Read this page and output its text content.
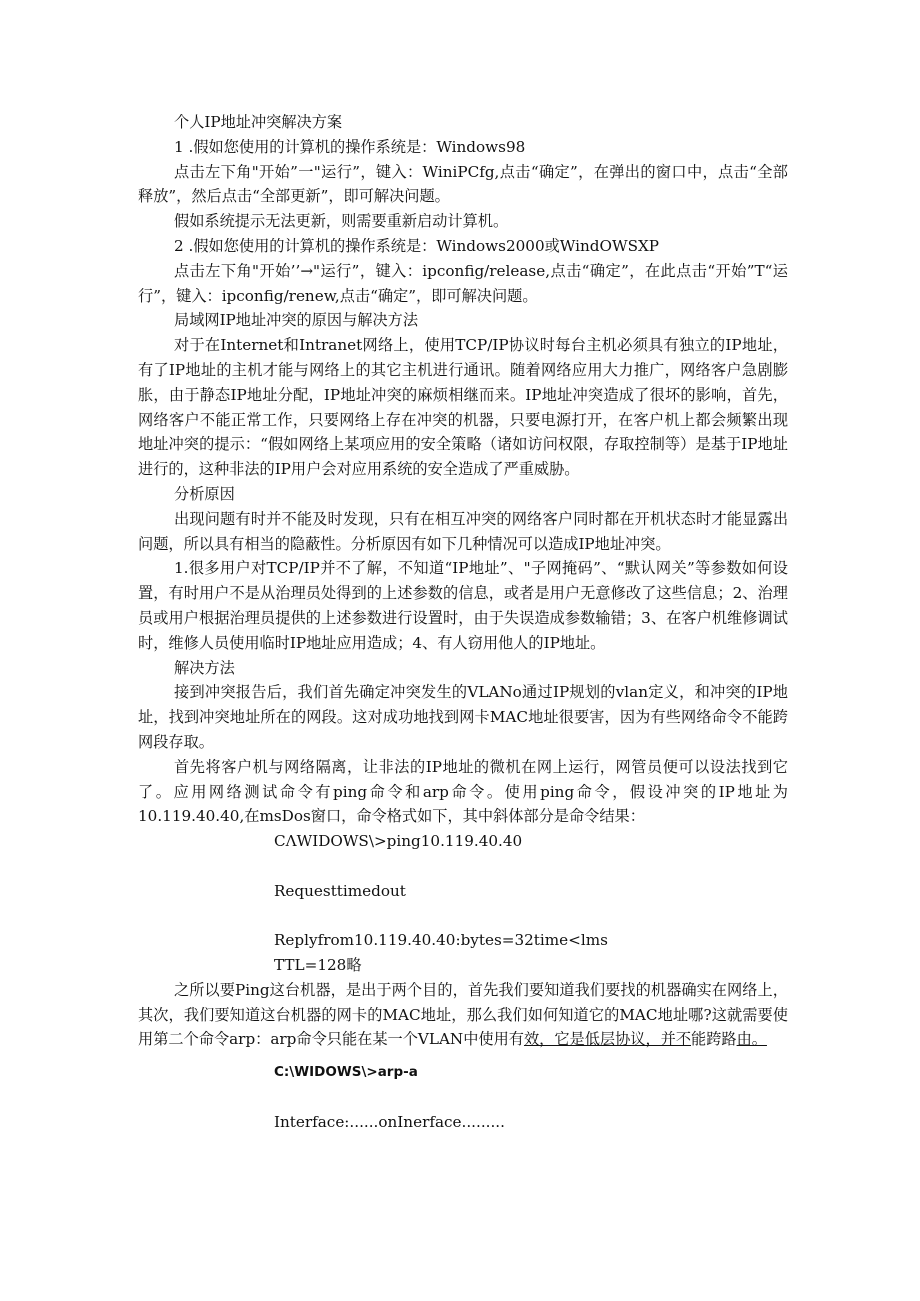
个人IP地址冲突解决方案

1 .假如您使用的计算机的操作系统是：Windows98

点击左下角"开始”一"运行”，键入：WiniPCfg,点击“确定”，在弹出的窗口中，点击“全部释放”，然后点击“全部更新”，即可解决问题。

假如系统提示无法更新，则需要重新启动计算机。

2 .假如您使用的计算机的操作系统是：Windows2000或WindOWSXP

点击左下角"开始’’→"运行”，键入：ipconfig/release,点击“确定”，在此点击“开始”T“运行”，键入：ipconfig/renew,点击“确定”，即可解决问题。

局域网IP地址冲突的原因与解决方法

对于在Internet和Intranet网络上，使用TCP/IP协议时每台主机必须具有独立的IP地址，有了IP地址的主机才能与网络上的其它主机进行通讯。随着网络应用大力推广，网络客户急剧膨胀，由于静态IP地址分配，IP地址冲突的麻烦相继而来。IP地址冲突造成了很坏的影响，首先，网络客户不能正常工作，只要网络上存在冲突的机器，只要电源打开，在客户机上都会频繁出现地址冲突的提示：“假如网络上某项应用的安全策略（诸如访问权限，存取控制等）是基于IP地址进行的，这种非法的IP用户会对应用系统的安全造成了严重威胁。

分析原因

出现问题有时并不能及时发现，只有在相互冲突的网络客户同时都在开机状态时才能显露出问题，所以具有相当的隐蔽性。分析原因有如下几种情况可以造成IP地址冲突。

1.很多用户对TCP/IP并不了解，不知道“IP地址”、"子网掩码”、“默认网关”等参数如何设置，有时用户不是从治理员处得到的上述参数的信息，或者是用户无意修改了这些信息；2、治理员或用户根据治理员提供的上述参数进行设置时，由于失误造成参数输错；3、在客户机维修调试时，维修人员使用临时IP地址应用造成；4、有人窃用他人的IP地址。

解决方法

接到冲突报告后，我们首先确定冲突发生的VLANo通过IP规划的vlan定义，和冲突的IP地址，找到冲突地址所在的网段。这对成功地找到网卡MAC地址很要害，因为有些网络命令不能跨网段存取。

首先将客户机与网络隔离，让非法的IP地址的微机在网上运行，网管员便可以设法找到它了。应用网络测试命令有ping命令和arp命令。使用ping命令，假设冲突的IP地址为10.119.40.40,在msDos窗口，命令格式如下，其中斜体部分是命令结果：

CΛWIDOWS\>ping10.119.40.40

Requesttimedout

Replyfrom10.119.40.40:bytes=32time<lms

TTL=128略

之所以要Ping这台机器，是出于两个目的，首先我们要知道我们要找的机器确实在网络上，其次，我们要知道这台机器的网卡的MAC地址，那么我们如何知道它的MAC地址哪?这就需要使用第二个命令arp：arp命令只能在某一个VLAN中使用有效，它是低层协议，并不能跨路由。

C:\WIDOWS\>arp-a

Interface:......onInerface.........
